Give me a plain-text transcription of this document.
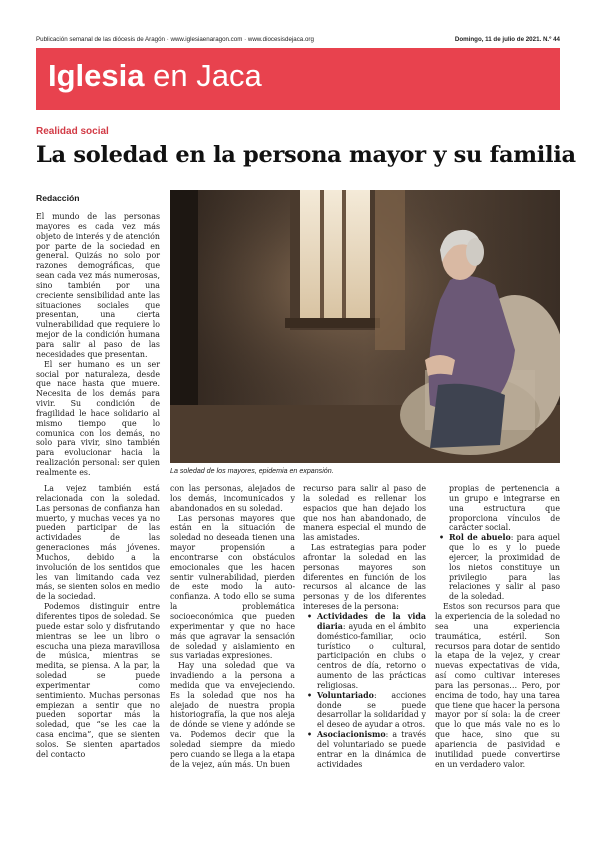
Publicación semanal de las diócesis de Aragón · www.iglesiaenaragon.com · www.diocesisdejaca.org	Domingo, 11 de julio de 2021. N.º 44
Iglesia en Jaca
Realidad social
La soledad en la persona mayor y su familia
Redacción
La soledad de los mayores, epidemia en expansión.

El mundo de las personas mayores es cada vez más objeto de interés y de atención por parte de la sociedad en general. Quizás no solo por razones demográficas, que sean cada vez más numerosas, sino también por una creciente sensibilidad ante las situaciones sociales que presentan, una cierta vulnerabilidad que requiere lo mejor de la condición humana para salir al paso de las necesidades que presentan.

El ser humano es un ser social por naturaleza, desde que nace hasta que muere. Necesita de los demás para vivir. Su condición de fragilidad le hace solidario al mismo tiempo que lo comunica con los demás, no solo para vivir, sino también para evolucionar hacia la realización personal: ser quien realmente es.

La vejez también está relacionada con la soledad. Las personas de confianza han muerto, y muchas veces ya no pueden participar de las actividades de las generaciones más jóvenes. Muchos, debido a la involución de los sentidos que les van limitando cada vez más, se sienten solos en medio de la sociedad.

Podemos distinguir entre diferentes tipos de soledad. Se puede estar solo y disfrutando mientras se lee un libro o escucha una pieza maravillosa de música, mientras se medita, se piensa. A la par, la soledad se puede experimentar como sentimiento. Muchas personas empiezan a sentir que no pueden soportar más la soledad, que “se les cae la casa encima”, que se sienten solos. Se sienten apartados del contacto

con las personas, alejados de los demás, incomunicados y abandonados en su soledad.

Las personas mayores que están en la situación de soledad no deseada tienen una mayor propensión a encontrarse con obstáculos emocionales que les hacen sentir vulnerabilidad, pierden de este modo la auto-confianza. A todo ello se suma la problemática socioeconómica que pueden experimentar y que no hace más que agravar la sensación de soledad y aislamiento en sus variadas expresiones.

Hay una soledad que va invadiendo a la persona a medida que va envejeciendo. Es la soledad que nos ha alejado de nuestra propia historiografía, la que nos aleja de dónde se viene y adónde se va. Podemos decir que la soledad siempre da miedo pero cuando se llega a la etapa de la vejez, aún más. Un buen

recurso para salir al paso de la soledad es rellenar los espacios que han dejado los que nos han abandonado, de manera especial el mundo de las amistades.

Las estrategias para poder afrontar la soledad en las personas mayores son diferentes en función de los recursos al alcance de las personas y de los diferentes intereses de la persona:

• Actividades de la vida diaria: ayuda en el ámbito doméstico-familiar, ocio turístico o cultural, participación en clubs o centros de día, retorno o aumento de las prácticas religiosas.
• Voluntariado: acciones donde se puede desarrollar la solidaridad y el deseo de ayudar a otros.
• Asociacionismo: a través del voluntariado se puede entrar en la dinámica de actividades

propias de pertenencia a un grupo e integrarse en una estructura que proporciona vínculos de carácter social.

• Rol de abuelo: para aquel que lo es y lo puede ejercer, la proximidad de los nietos constituye un privilegio para las relaciones y salir al paso de la soledad.

Estos son recursos para que la experiencia de la soledad no sea una experiencia traumática, estéril. Son recursos para dotar de sentido la etapa de la vejez, y crear nuevas expectativas de vida, así como cultivar intereses para las personas… Pero, por encima de todo, hay una tarea que tiene que hacer la persona mayor por sí sola: la de creer que lo que más vale no es lo que hace, sino que su apariencia de pasividad e inutilidad puede convertirse en un verdadero valor.
